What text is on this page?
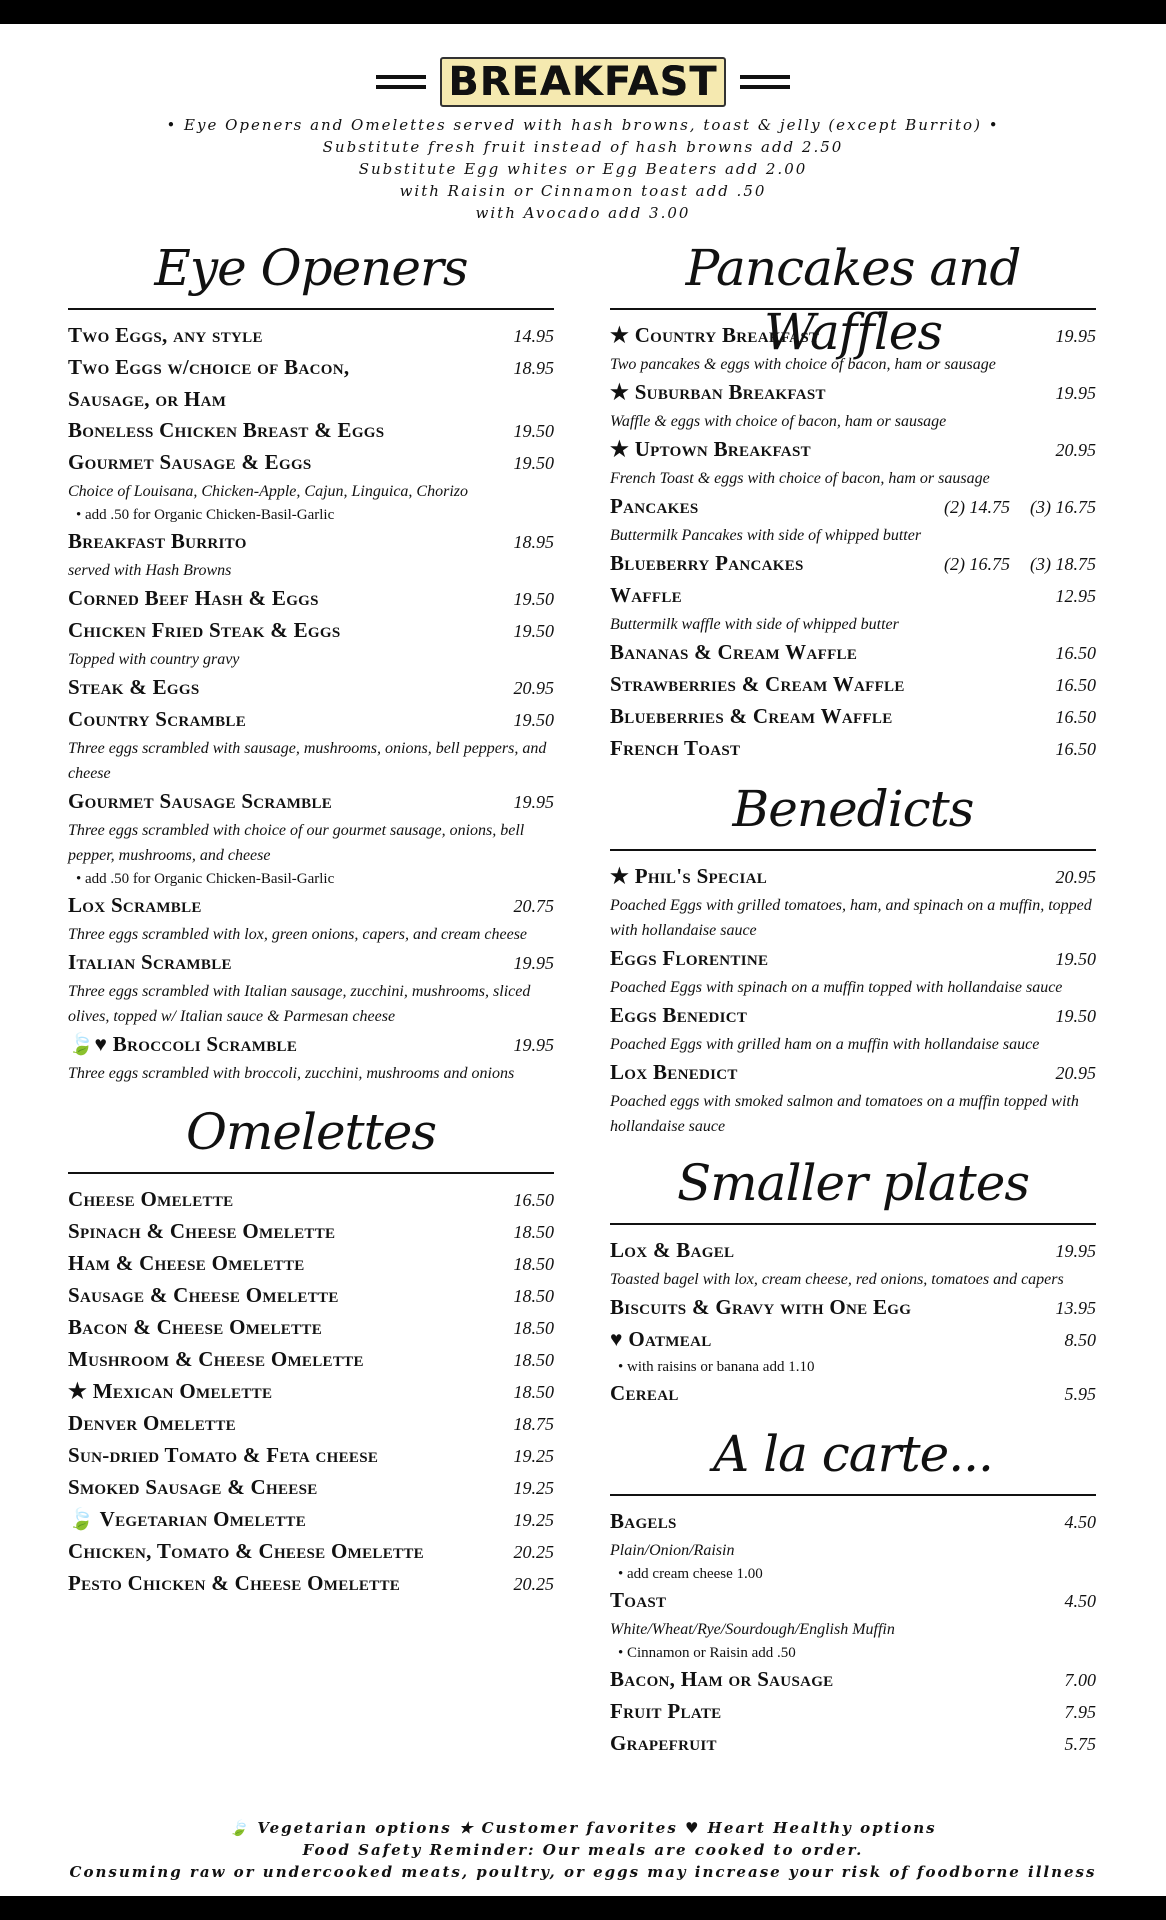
BREAKFAST
• Eye Openers and Omelettes served with hash browns, toast & jelly (except Burrito) •
Substitute fresh fruit instead of hash browns add 2.50
Substitute Egg whites or Egg Beaters add 2.00
with Raisin or Cinnamon toast add .50
with Avocado add 3.00
Eye Openers
Two Eggs, any style	14.95
Two Eggs w/choice of Bacon,	18.95
Sausage, or Ham
Boneless Chicken Breast & Eggs	19.50
Gourmet Sausage & Eggs	19.50
Choice of Louisana, Chicken-Apple, Cajun, Linguica, Chorizo
• add .50 for Organic Chicken-Basil-Garlic
Breakfast Burrito	18.95
served with Hash Browns
Corned Beef Hash & Eggs	19.50
Chicken Fried Steak & Eggs	19.50
Topped with country gravy
Steak & Eggs	20.95
Country Scramble	19.50
Three eggs scrambled with sausage, mushrooms, onions, bell peppers, and cheese
Gourmet Sausage Scramble	19.95
Three eggs scrambled with choice of our gourmet sausage, onions, bell pepper, mushrooms, and cheese
• add .50 for Organic Chicken-Basil-Garlic
Lox Scramble	20.75
Three eggs scrambled with lox, green onions, capers, and cream cheese
Italian Scramble	19.95
Three eggs scrambled with Italian sausage, zucchini, mushrooms, sliced olives, topped w/ Italian sauce & Parmesan cheese
🍃♥ Broccoli Scramble	19.95
Three eggs scrambled with broccoli, zucchini, mushrooms and onions
Omelettes
Cheese Omelette	16.50
Spinach & Cheese Omelette	18.50
Ham & Cheese Omelette	18.50
Sausage & Cheese Omelette	18.50
Bacon & Cheese Omelette	18.50
Mushroom & Cheese Omelette	18.50
★ Mexican Omelette	18.50
Denver Omelette	18.75
Sun-dried Tomato & Feta cheese	19.25
Smoked Sausage & Cheese	19.25
🍃 Vegetarian Omelette	19.25
Chicken, Tomato & Cheese Omelette	20.25
Pesto Chicken & Cheese Omelette	20.25
Pancakes and Waffles
★ Country Breakfast	19.95
Two pancakes & eggs with choice of bacon, ham or sausage
★ Suburban Breakfast	19.95
Waffle & eggs with choice of bacon, ham or sausage
★ Uptown Breakfast	20.95
French Toast & eggs with choice of bacon, ham or sausage
Pancakes	(2) 14.75 (3) 16.75
Buttermilk Pancakes with side of whipped butter
Blueberry Pancakes	(2) 16.75 (3) 18.75
Waffle	12.95
Buttermilk waffle with side of whipped butter
Bananas & Cream Waffle	16.50
Strawberries & Cream Waffle	16.50
Blueberries & Cream Waffle	16.50
French Toast	16.50
Benedicts
★ Phil's Special	20.95
Poached Eggs with grilled tomatoes, ham, and spinach on a muffin, topped with hollandaise sauce
Eggs Florentine	19.50
Poached Eggs with spinach on a muffin topped with hollandaise sauce
Eggs Benedict	19.50
Poached Eggs with grilled ham on a muffin with hollandaise sauce
Lox Benedict	20.95
Poached eggs with smoked salmon and tomatoes on a muffin topped with hollandaise sauce
Smaller plates
Lox & Bagel	19.95
Toasted bagel with lox, cream cheese, red onions, tomatoes and capers
Biscuits & Gravy with One Egg	13.95
♥ Oatmeal	8.50
• with raisins or banana add 1.10
Cereal	5.95
A la carte...
Bagels	4.50
Plain/Onion/Raisin
• add cream cheese 1.00
Toast	4.50
White/Wheat/Rye/Sourdough/English Muffin
• Cinnamon or Raisin add .50
Bacon, Ham or Sausage	7.00
Fruit Plate	7.95
Grapefruit	5.75
🍃 Vegetarian options ★ Customer favorites ♥ Heart Healthy options
Food Safety Reminder: Our meals are cooked to order.
Consuming raw or undercooked meats, poultry, or eggs may increase your risk of foodborne illness
